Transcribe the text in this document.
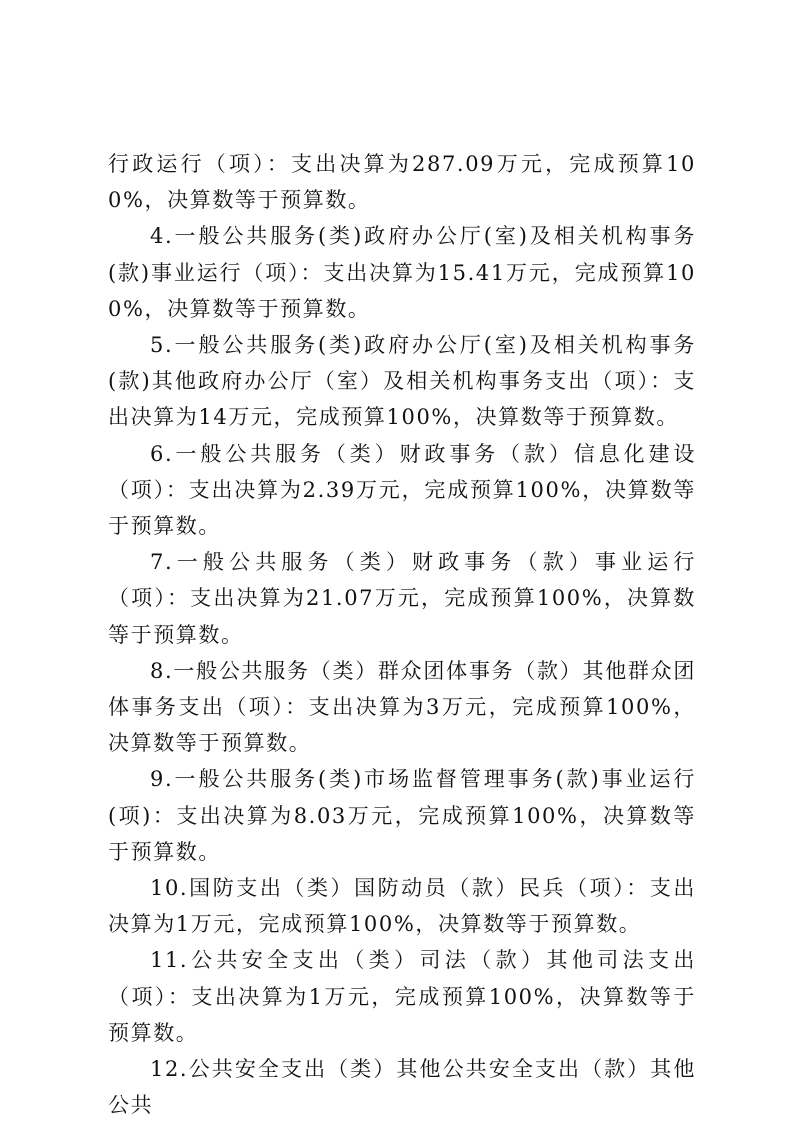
行政运行（项）：支出决算为287.09万元，完成预算100%，决算数等于预算数。

4.一般公共服务(类)政府办公厅(室)及相关机构事务(款)事业运行（项）：支出决算为15.41万元，完成预算100%，决算数等于预算数。

5.一般公共服务(类)政府办公厅(室)及相关机构事务(款)其他政府办公厅（室）及相关机构事务支出（项）：支出决算为14万元，完成预算100%，决算数等于预算数。

6.一般公共服务（类）财政事务（款）信息化建设（项）：支出决算为2.39万元，完成预算100%，决算数等于预算数。

7.一般公共服务（类）财政事务（款）事业运行（项）：支出决算为21.07万元，完成预算100%，决算数等于预算数。

8.一般公共服务（类）群众团体事务（款）其他群众团体事务支出（项）：支出决算为3万元，完成预算100%，决算数等于预算数。

9.一般公共服务(类)市场监督管理事务(款)事业运行(项)：支出决算为8.03万元，完成预算100%，决算数等于预算数。

10.国防支出（类）国防动员（款）民兵（项）：支出决算为1万元，完成预算100%，决算数等于预算数。

11.公共安全支出（类）司法（款）其他司法支出（项）：支出决算为1万元，完成预算100%，决算数等于预算数。

12.公共安全支出（类）其他公共安全支出（款）其他公共
